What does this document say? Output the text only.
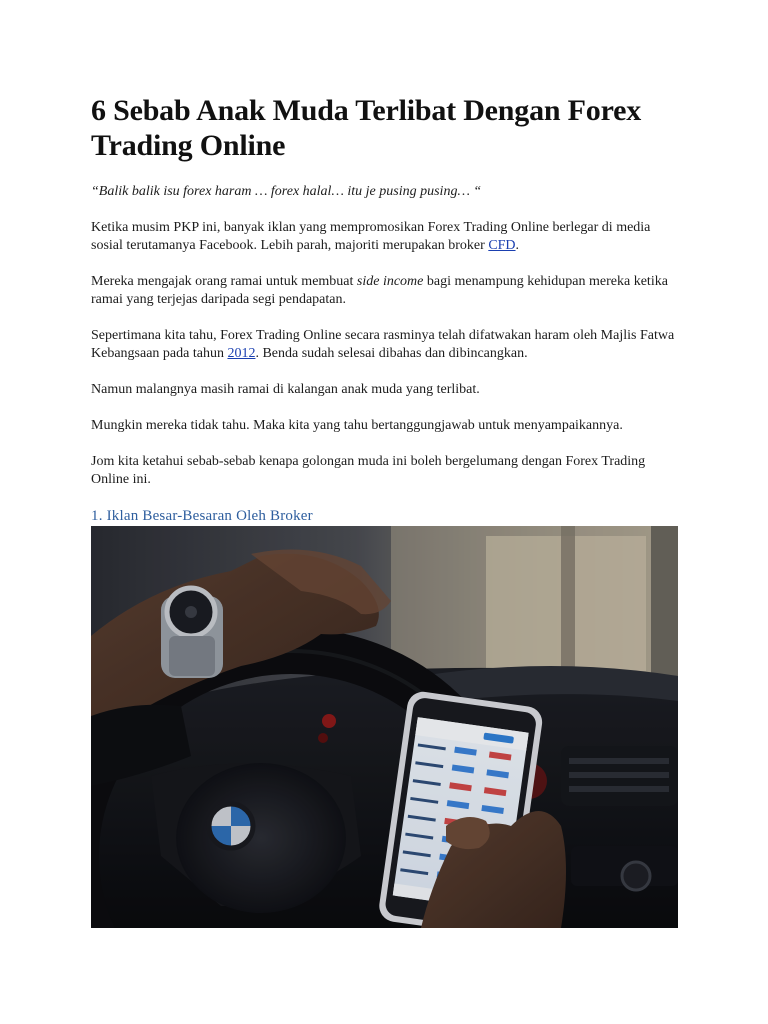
6 Sebab Anak Muda Terlibat Dengan Forex Trading Online

“Balik balik isu forex haram … forex halal… itu je pusing pusing… “

Ketika musim PKP ini, banyak iklan yang mempromosikan Forex Trading Online berlegar di media sosial terutamanya Facebook. Lebih parah, majoriti merupakan broker CFD.

Mereka mengajak orang ramai untuk membuat side income bagi menampung kehidupan mereka ketika ramai yang terjejas daripada segi pendapatan.

Sepertimana kita tahu, Forex Trading Online secara rasminya telah difatwakan haram oleh Majlis Fatwa Kebangsaan pada tahun 2012. Benda sudah selesai dibahas dan dibincangkan.

Namun malangnya masih ramai di kalangan anak muda yang terlibat.

Mungkin mereka tidak tahu. Maka kita yang tahu bertanggungjawab untuk menyampaikannya.

Jom kita ketahui sebab-sebab kenapa golongan muda ini boleh bergelumang dengan Forex Trading Online ini.

1. Iklan Besar-Besaran Oleh Broker
